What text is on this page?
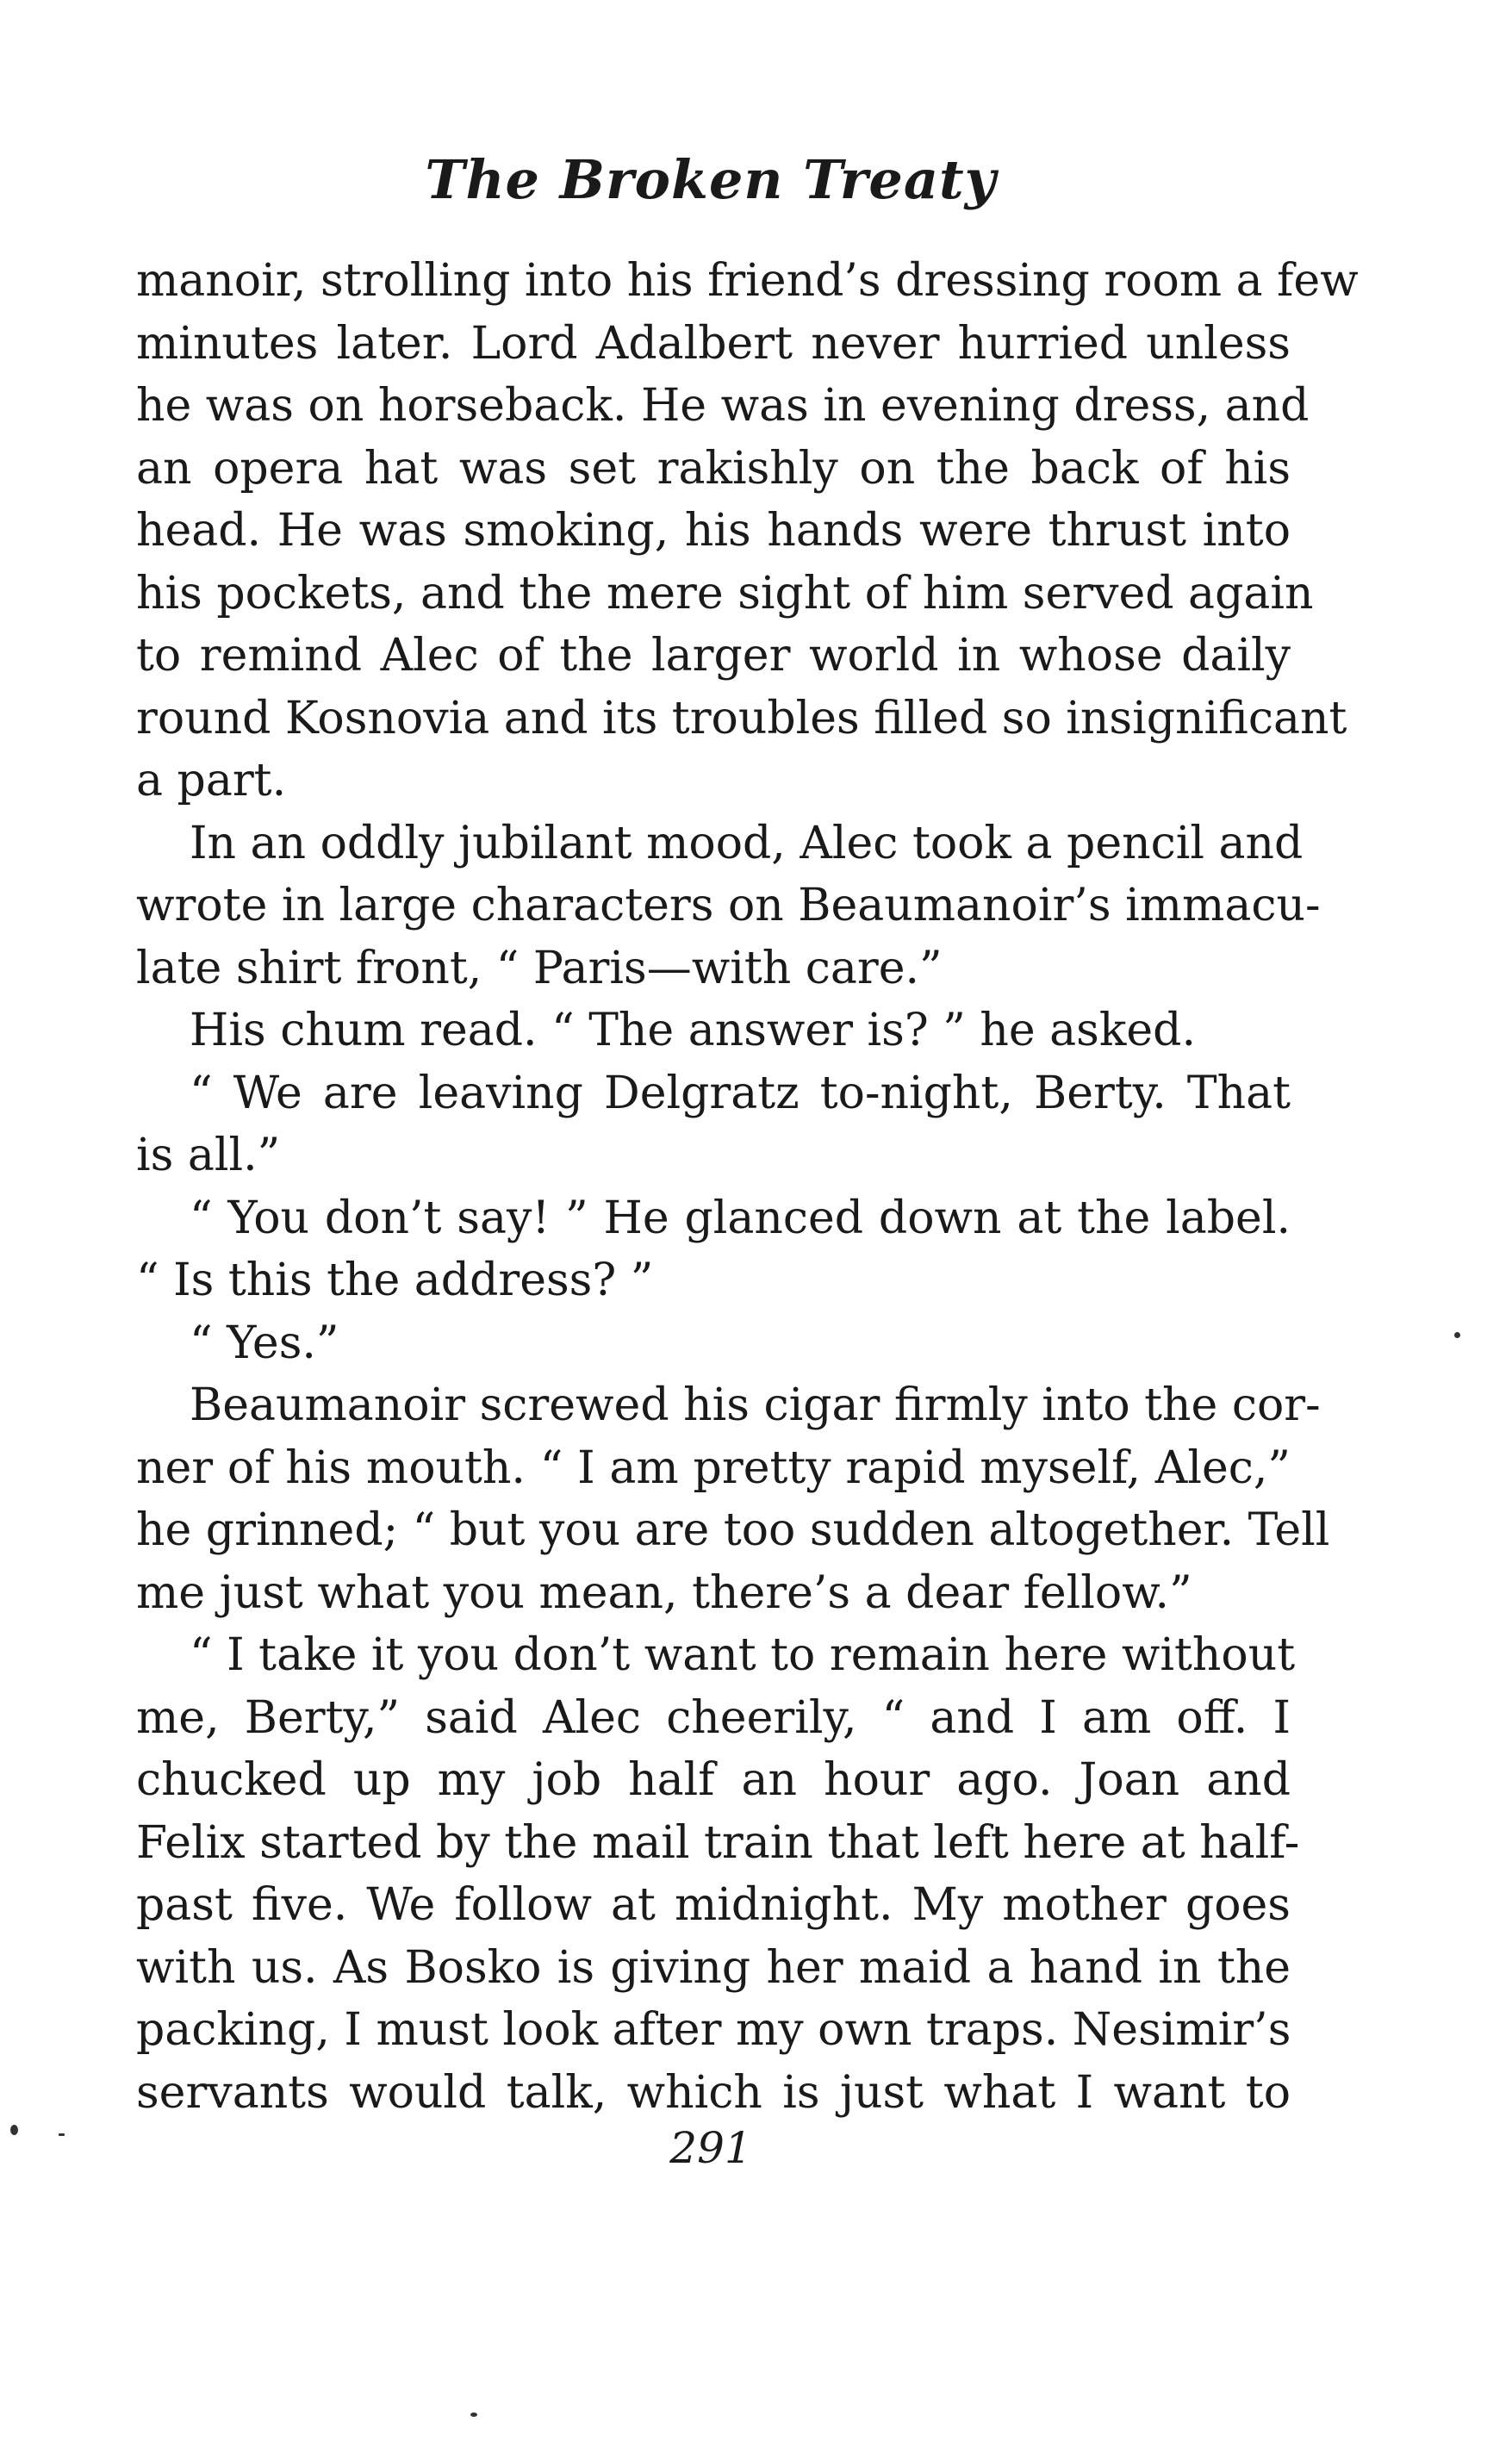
The Broken Treaty
manoir, strolling into his friend’s dressing room a few
minutes later. Lord Adalbert never hurried unless
he was on horseback. He was in evening dress, and
an opera hat was set rakishly on the back of his
head. He was smoking, his hands were thrust into
his pockets, and the mere sight of him served again
to remind Alec of the larger world in whose daily
round Kosnovia and its troubles filled so insignificant
a part.
In an oddly jubilant mood, Alec took a pencil and
wrote in large characters on Beaumanoir’s immacu-
late shirt front, “ Paris—with care.”
His chum read. “ The answer is? ” he asked.
“ We are leaving Delgratz to-night, Berty. That
is all.”
“ You don’t say! ” He glanced down at the label.
“ Is this the address? ”
“ Yes.”
Beaumanoir screwed his cigar firmly into the cor-
ner of his mouth. “ I am pretty rapid myself, Alec,”
he grinned; “ but you are too sudden altogether. Tell
me just what you mean, there’s a dear fellow.”
“ I take it you don’t want to remain here without
me, Berty,” said Alec cheerily, “ and I am off. I
chucked up my job half an hour ago. Joan and
Felix started by the mail train that left here at half-
past five. We follow at midnight. My mother goes
with us. As Bosko is giving her maid a hand in the
packing, I must look after my own traps. Nesimir’s
servants would talk, which is just what I want to
291
